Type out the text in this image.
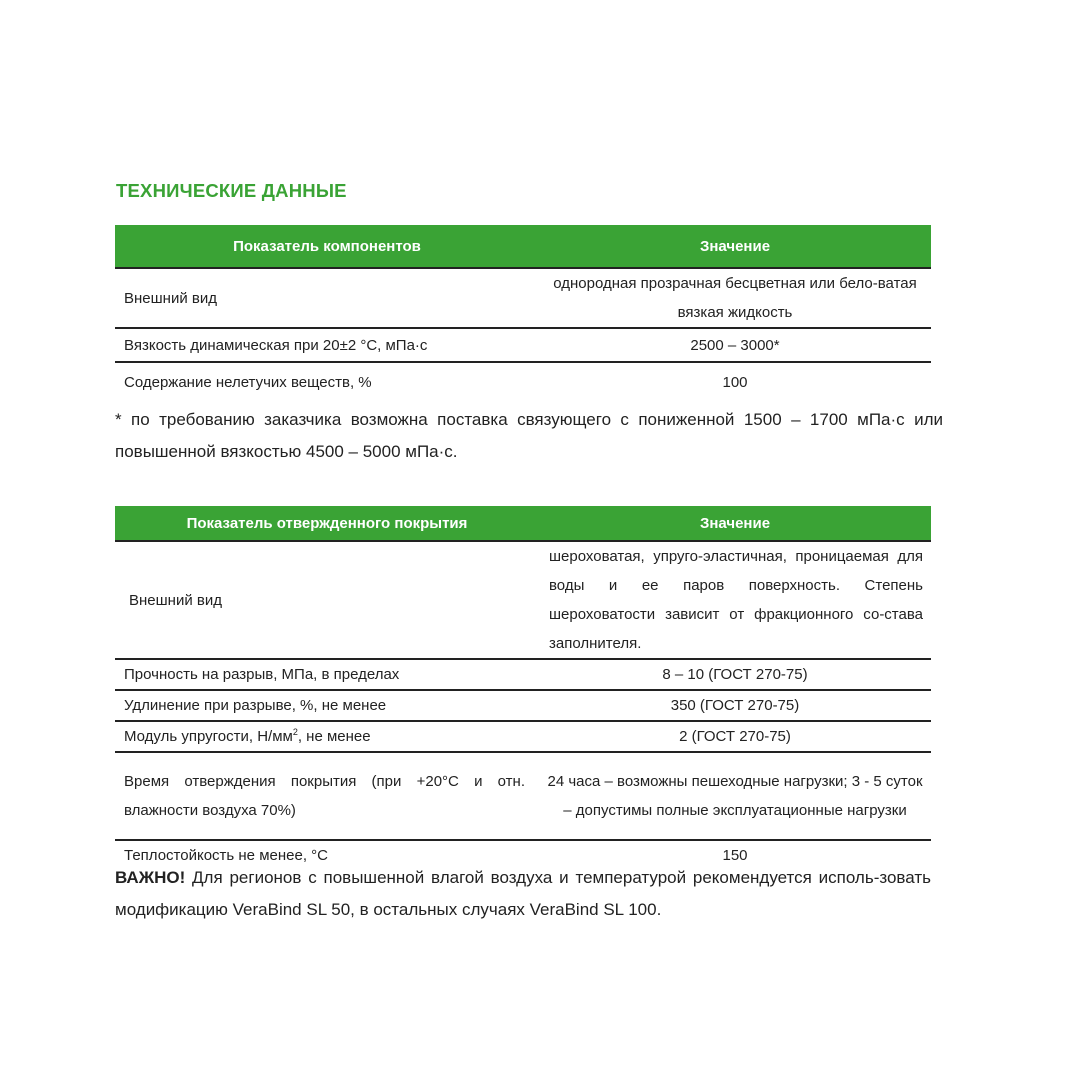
ТЕХНИЧЕСКИЕ ДАННЫЕ
Показатель компонентов	Значение
Внешний вид	однородная прозрачная бесцветная или бело-ватая вязкая жидкость
Вязкость динамическая при 20±2 °С, мПа·с	2500 – 3000*
Содержание нелетучих веществ, %	100

* по требованию заказчика возможна поставка связующего с пониженной 1500 – 1700 мПа·с или повышенной вязкостью 4500 – 5000 мПа·с.

Показатель отвержденного покрытия	Значение
Внешний вид	шероховатая, упруго-эластичная, проницаемая для воды и ее паров поверхность. Степень шероховатости зависит от фракционного со-става заполнителя.
Прочность на разрыв, МПа, в пределах	8 – 10 (ГОСТ 270-75)
Удлинение при разрыве, %, не менее	350 (ГОСТ 270-75)
Модуль упругости, $Н/мм^2$, не менее	2 (ГОСТ 270-75)
Время отверждения покрытия (при +20°С и отн. влажности воздуха 70%)	24 часа – возможны пешеходные нагрузки; 3 - 5 суток – допустимы полные эксплуатационные нагрузки
Теплостойкость не менее, °С	150

ВАЖНО! Для регионов с повышенной влагой воздуха и температурой рекомендуется исполь-зовать модификацию VeraBind SL 50, в остальных случаях VeraBind SL 100.
